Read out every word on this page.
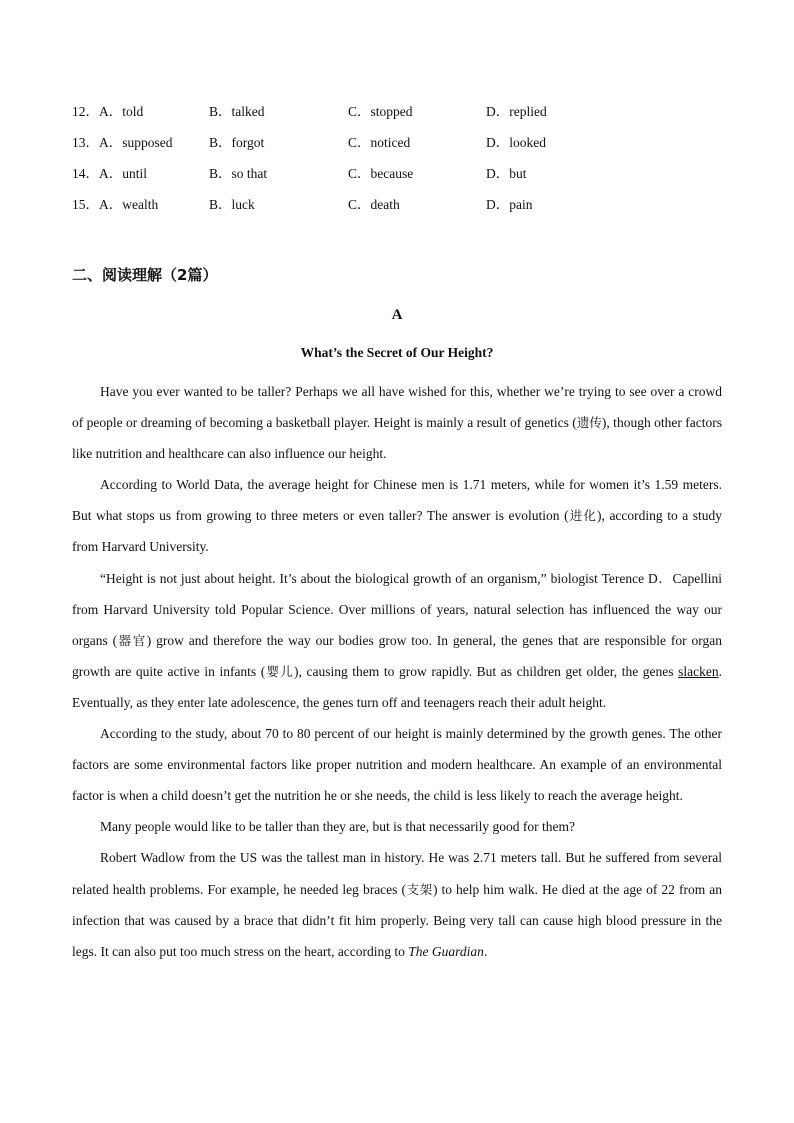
12．A．told	B．talked	C．stopped	D．replied
13．A．supposed	B．forgot	C．noticed	D．looked
14．A．until	B．so that	C．because	D．but
15．A．wealth	B．luck	C．death	D．pain
二、阅读理解（2篇）
A
What’s the Secret of Our Height?

Have you ever wanted to be taller? Perhaps we all have wished for this, whether we’re trying to see over a crowd of people or dreaming of becoming a basketball player. Height is mainly a result of genetics (遗传), though other factors like nutrition and healthcare can also influence our height.

According to World Data, the average height for Chinese men is 1.71 meters, while for women it’s 1.59 meters. But what stops us from growing to three meters or even taller? The answer is evolution (进化), according to a study from Harvard University.

“Height is not just about height. It’s about the biological growth of an organism,” biologist Terence D．Capellini from Harvard University told Popular Science. Over millions of years, natural selection has influenced the way our organs (器官) grow and therefore the way our bodies grow too. In general, the genes that are responsible for organ growth are quite active in infants (婴儿), causing them to grow rapidly. But as children get older, the genes slacken. Eventually, as they enter late adolescence, the genes turn off and teenagers reach their adult height.

According to the study, about 70 to 80 percent of our height is mainly determined by the growth genes. The other factors are some environmental factors like proper nutrition and modern healthcare. An example of an environmental factor is when a child doesn’t get the nutrition he or she needs, the child is less likely to reach the average height.

Many people would like to be taller than they are, but is that necessarily good for them?

Robert Wadlow from the US was the tallest man in history. He was 2.71 meters tall. But he suffered from several related health problems. For example, he needed leg braces (支架) to help him walk. He died at the age of 22 from an infection that was caused by a brace that didn’t fit him properly. Being very tall can cause high blood pressure in the legs. It can also put too much stress on the heart, according to The Guardian.
